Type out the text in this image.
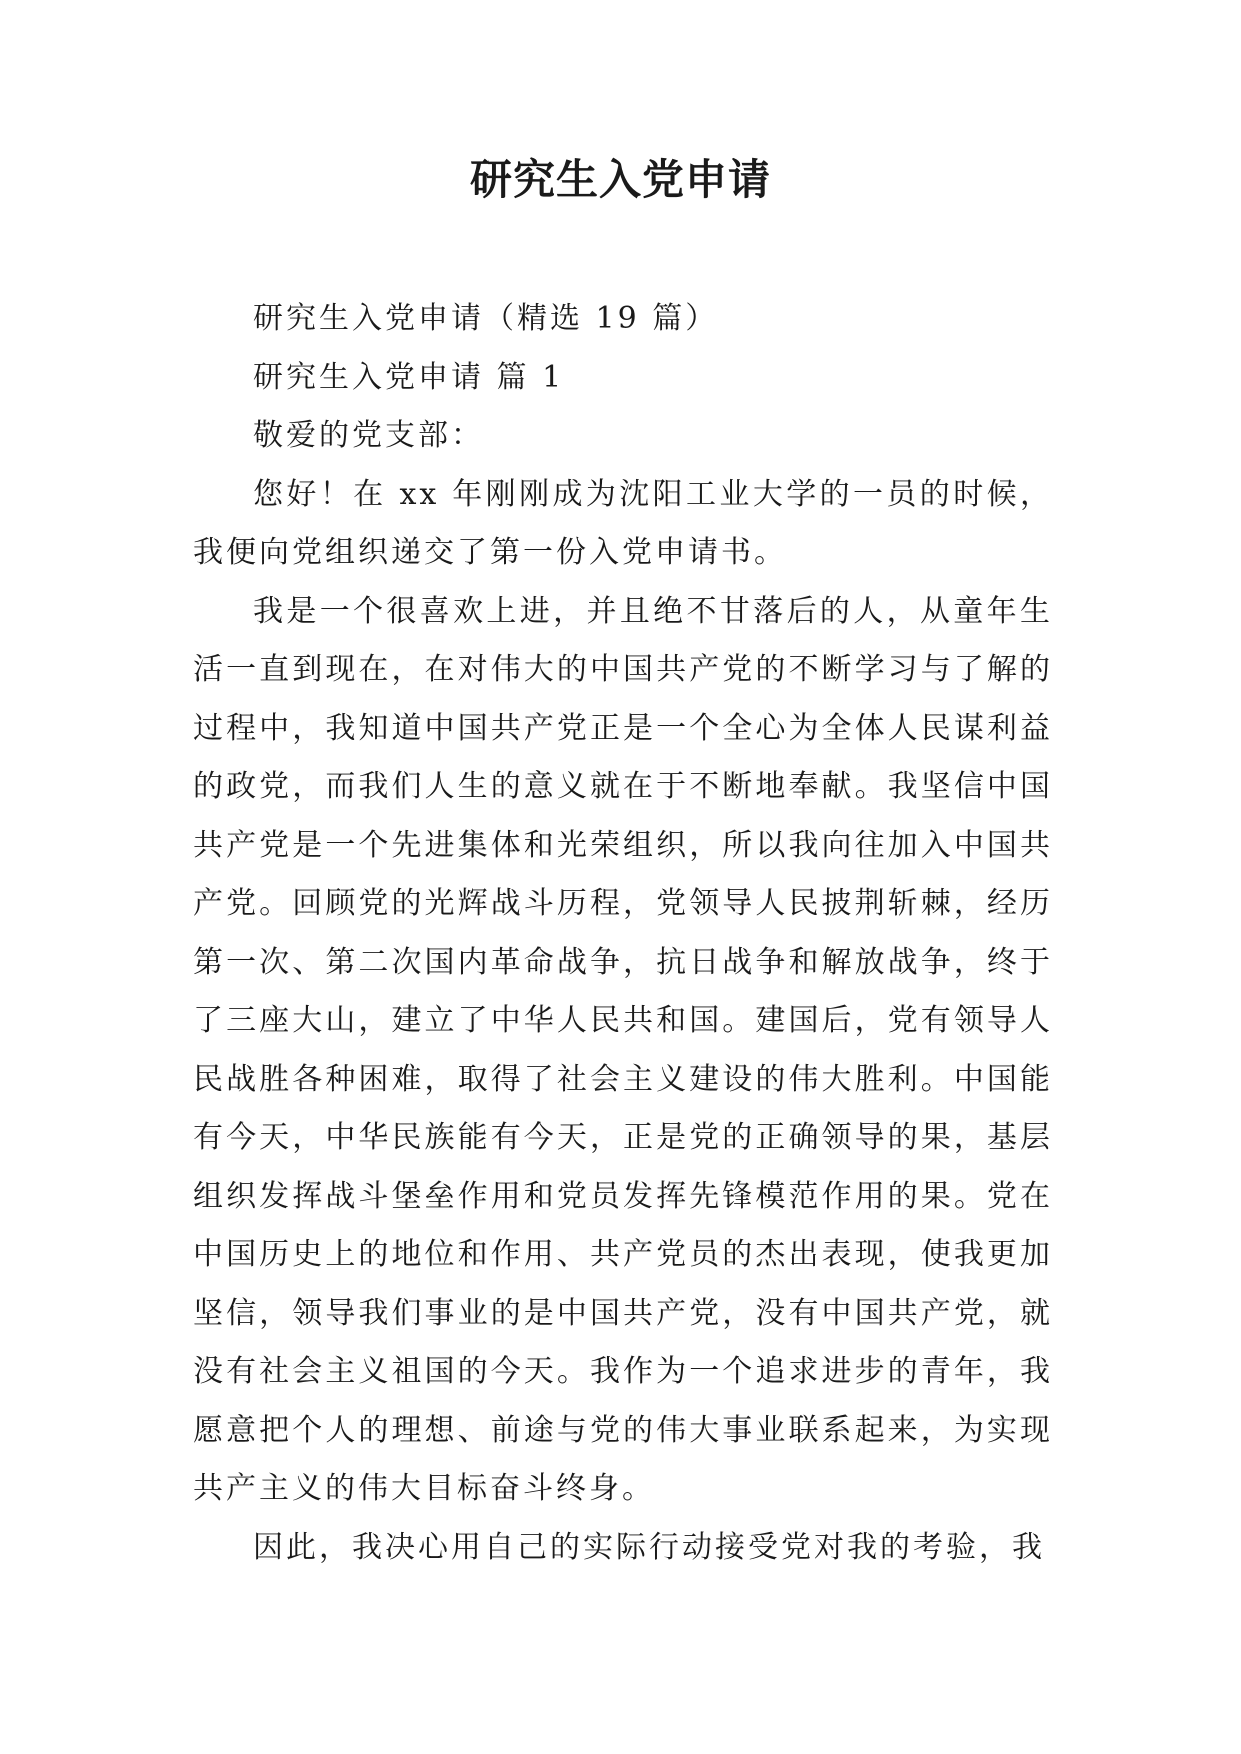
研究生入党申请

研究生入党申请（精选 19 篇）

研究生入党申请 篇 1

敬爱的党支部：

您好！在 xx 年刚刚成为沈阳工业大学的一员的时候，我便向党组织递交了第一份入党申请书。

我是一个很喜欢上进，并且绝不甘落后的人，从童年生活一直到现在，在对伟大的中国共产党的不断学习与了解的过程中，我知道中国共产党正是一个全心为全体人民谋利益的政党，而我们人生的意义就在于不断地奉献。我坚信中国共产党是一个先进集体和光荣组织，所以我向往加入中国共产党。回顾党的光辉战斗历程，党领导人民披荆斩棘，经历第一次、第二次国内革命战争，抗日战争和解放战争，终于了三座大山，建立了中华人民共和国。建国后，党有领导人民战胜各种困难，取得了社会主义建设的伟大胜利。中国能有今天，中华民族能有今天，正是党的正确领导的果，基层组织发挥战斗堡垒作用和党员发挥先锋模范作用的果。党在中国历史上的地位和作用、共产党员的杰出表现，使我更加坚信，领导我们事业的是中国共产党，没有中国共产党，就没有社会主义祖国的今天。我作为一个追求进步的青年，我愿意把个人的理想、前途与党的伟大事业联系起来，为实现共产主义的伟大目标奋斗终身。

因此，我决心用自己的实际行动接受党对我的考验，我
